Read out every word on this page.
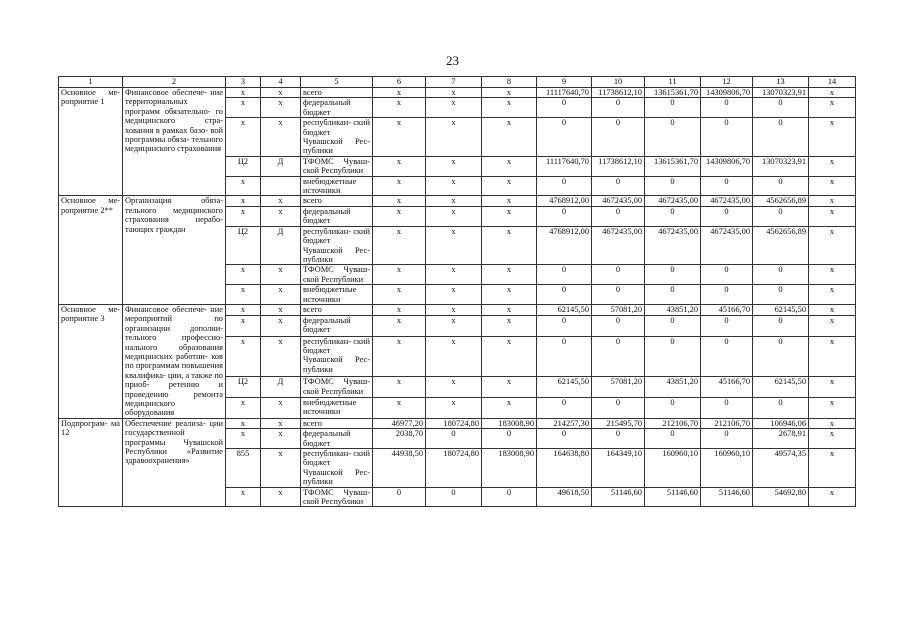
23
1	2	3	4	5	6	7	8	9	10	11	12	13	14
Основное ме- роприятие 1	Финансовое обеспече- ние территориальных программ обязательно- го медицинского стра- хования в рамках базо- вой программы обяза- тельного медицинского страхования	х	х	всего	х	х	х	11117640,70	11738612,10	13615361,70	14309806,70	13070323,91	х
		х	х	федеральный бюджет	х	х	х	0	0	0	0	0	х
		х	х	республикан- ский бюджет Чувашской Рес- публики	х	х	х	0	0	0	0	0	х
		Ц2	Д	ТФОМС Чуваш- ской Республики	х	х	х	11117640,70	11738612,10	13615361,70	14309806,70	13070323,91	х
		х		внебюджетные источники	х	х	х	0	0	0	0	0	х
Основное ме- роприятие 2**	Организация обяза- тельного медицинского страхования нерабо- тающих граждан	х	х	всего	х	х	х	4768912,00	4672435,00	4672435,00	4672435,00	4562656,89	х
		х	х	федеральный бюджет	х	х	х	0	0	0	0	0	х
		Ц2	Д	республикан- ский бюджет Чувашской Рес- публики	х	х	х	4768912,00	4672435,00	4672435,00	4672435,00	4562656,89	х
		х	х	ТФОМС Чуваш- ской Республики	х	х	х	0	0	0	0	0	х
		х	х	внебюджетные источники	х	х	х	0	0	0	0	0	х
Основное ме- роприятие 3	Финансовое обеспече- ние мероприятий по организации дополни- тельного профессио- нального образования медицинских работни- ков по программам повышения квалифика- ции, а также по приоб- ретению и проведению ремонта медицинского оборудования	х	х	всего	х	х	х	62145,50	57081,20	43851,20	45166,70	62145,50	х
		х	х	федеральный бюджет	х	х	х	0	0	0	0	0	х
		х	х	республикан- ский бюджет Чувашской Рес- публики	х	х	х	0	0	0	0	0	х
		Ц2	Д	ТФОМС Чуваш- ской Республики	х	х	х	62145,50	57081,20	43851,20	45166,70	62145,50	х
		х	х	внебюджетные источники	х	х	х	0	0	0	0	0	х
Подпрограм- ма 12	Обеспечение реализа- ции государственной программы Чувашской Республики «Развитие здравоохранения»	х	х	всего	46977,20	180724,80	183008,90	214257,30	215495,70	212106,70	212106,70	106946,06	х
		х	х	федеральный бюджет	2038,70	0	0	0	0	0	0	2678,91	х
		855	х	республикан- ский бюджет Чувашской Рес- публики	44938,50	180724,80	183008,90	164638,80	164349,10	160960,10	160960,10	49574,35	х
		х	х	ТФОМС Чуваш- ской Республики	0	0	0	49618,50	51146,60	51146,60	51146,60	54692,80	х
